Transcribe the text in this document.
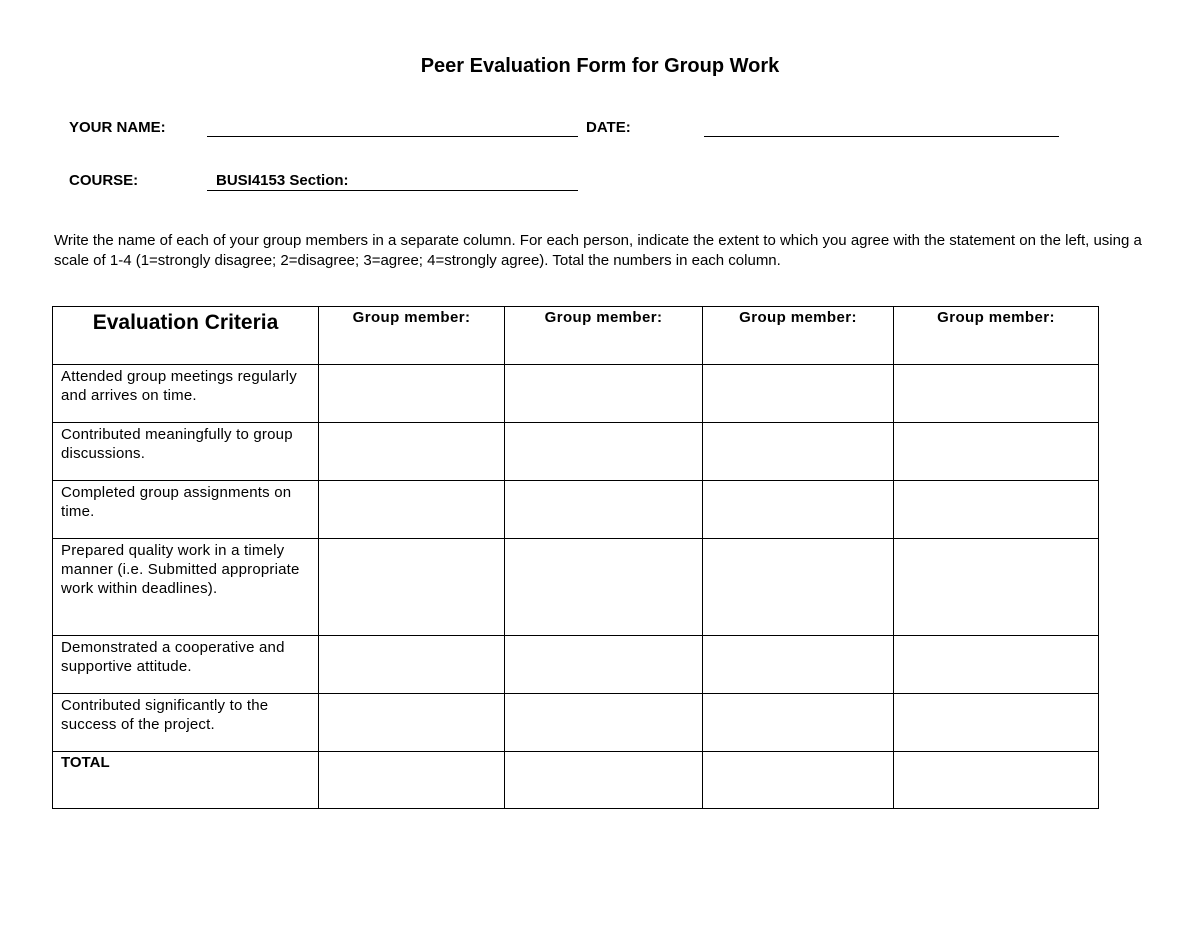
Peer Evaluation Form for Group Work
YOUR NAME:	DATE:
COURSE:	BUSI4153 Section:
Write the name of each of your group members in a separate column. For each person, indicate the extent to which you agree with the statement on the left, using a scale of 1-4 (1=strongly disagree; 2=disagree; 3=agree; 4=strongly agree). Total the numbers in each column.
Evaluation Criteria	Group member:	Group member:	Group member:	Group member:
Attended group meetings regularly and arrives on time.				
Contributed meaningfully to group discussions.				
Completed group assignments on time.				
Prepared quality work in a timely manner (i.e. Submitted appropriate work within deadlines).				
Demonstrated a cooperative and supportive attitude.				
Contributed significantly to the success of the project.				
TOTAL				
